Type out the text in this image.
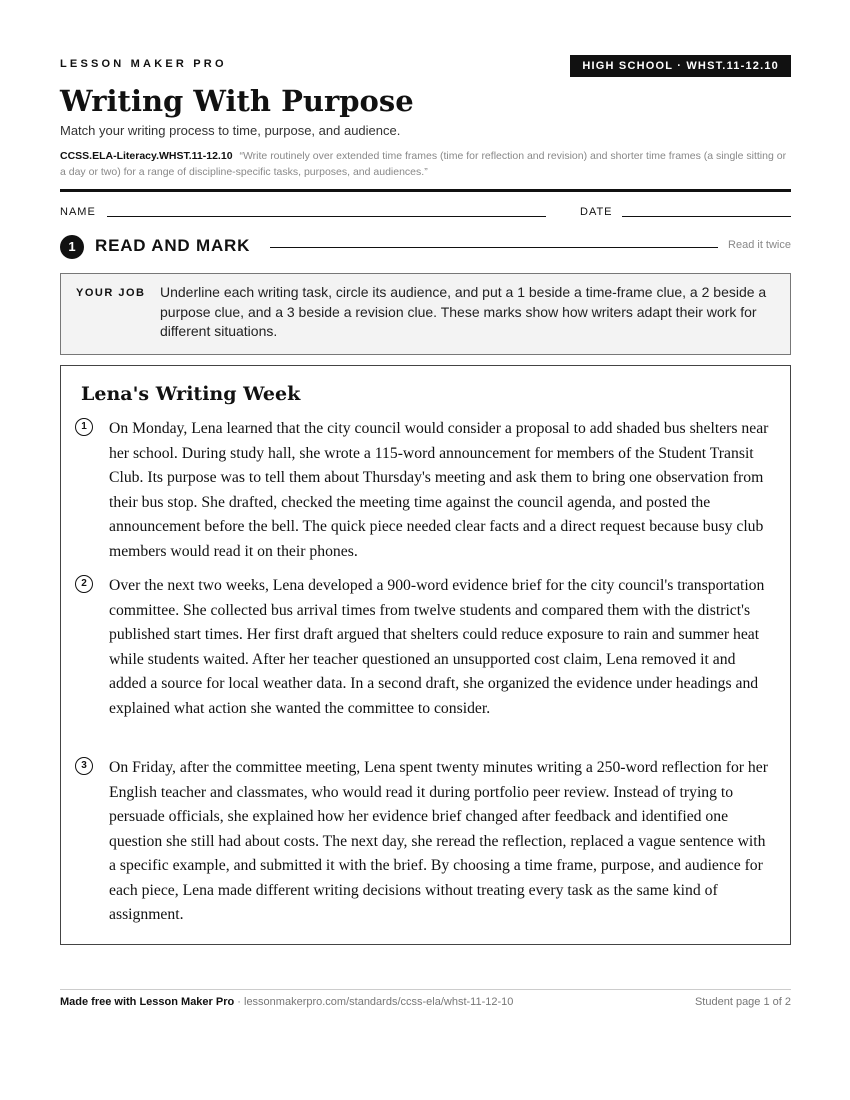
LESSON MAKER PRO	HIGH SCHOOL · WHST.11-12.10
Writing With Purpose
Match your writing process to time, purpose, and audience.
CCSS.ELA-Literacy.WHST.11-12.10 “Write routinely over extended time frames (time for reflection and revision) and shorter time frames (a single sitting or a day or two) for a range of discipline-specific tasks, purposes, and audiences.”
NAME	DATE
1	READ AND MARK	Read it twice
YOUR JOB Underline each writing task, circle its audience, and put a 1 beside a time-frame clue, a 2 beside a purpose clue, and a 3 beside a revision clue. These marks show how writers adapt their work for different situations.
Lena's Writing Week
1	On Monday, Lena learned that the city council would consider a proposal to add shaded bus shelters near her school. During study hall, she wrote a 115-word announcement for members of the Student Transit Club. Its purpose was to tell them about Thursday's meeting and ask them to bring one observation from their bus stop. She drafted, checked the meeting time against the council agenda, and posted the announcement before the bell. The quick piece needed clear facts and a direct request because busy club members would read it on their phones.
2	Over the next two weeks, Lena developed a 900-word evidence brief for the city council's transportation committee. She collected bus arrival times from twelve students and compared them with the district's published start times. Her first draft argued that shelters could reduce exposure to rain and summer heat while students waited. After her teacher questioned an unsupported cost claim, Lena removed it and added a source for local weather data. In a second draft, she organized the evidence under headings and explained what action she wanted the committee to consider.
3	On Friday, after the committee meeting, Lena spent twenty minutes writing a 250-word reflection for her English teacher and classmates, who would read it during portfolio peer review. Instead of trying to persuade officials, she explained how her evidence brief changed after feedback and identified one question she still had about costs. The next day, she reread the reflection, replaced a vague sentence with a specific example, and submitted it with the brief. By choosing a time frame, purpose, and audience for each piece, Lena made different writing decisions without treating every task as the same kind of assignment.
Made free with Lesson Maker Pro · lessonmakerpro.com/standards/ccss-ela/whst-11-12-10	Student page 1 of 2
